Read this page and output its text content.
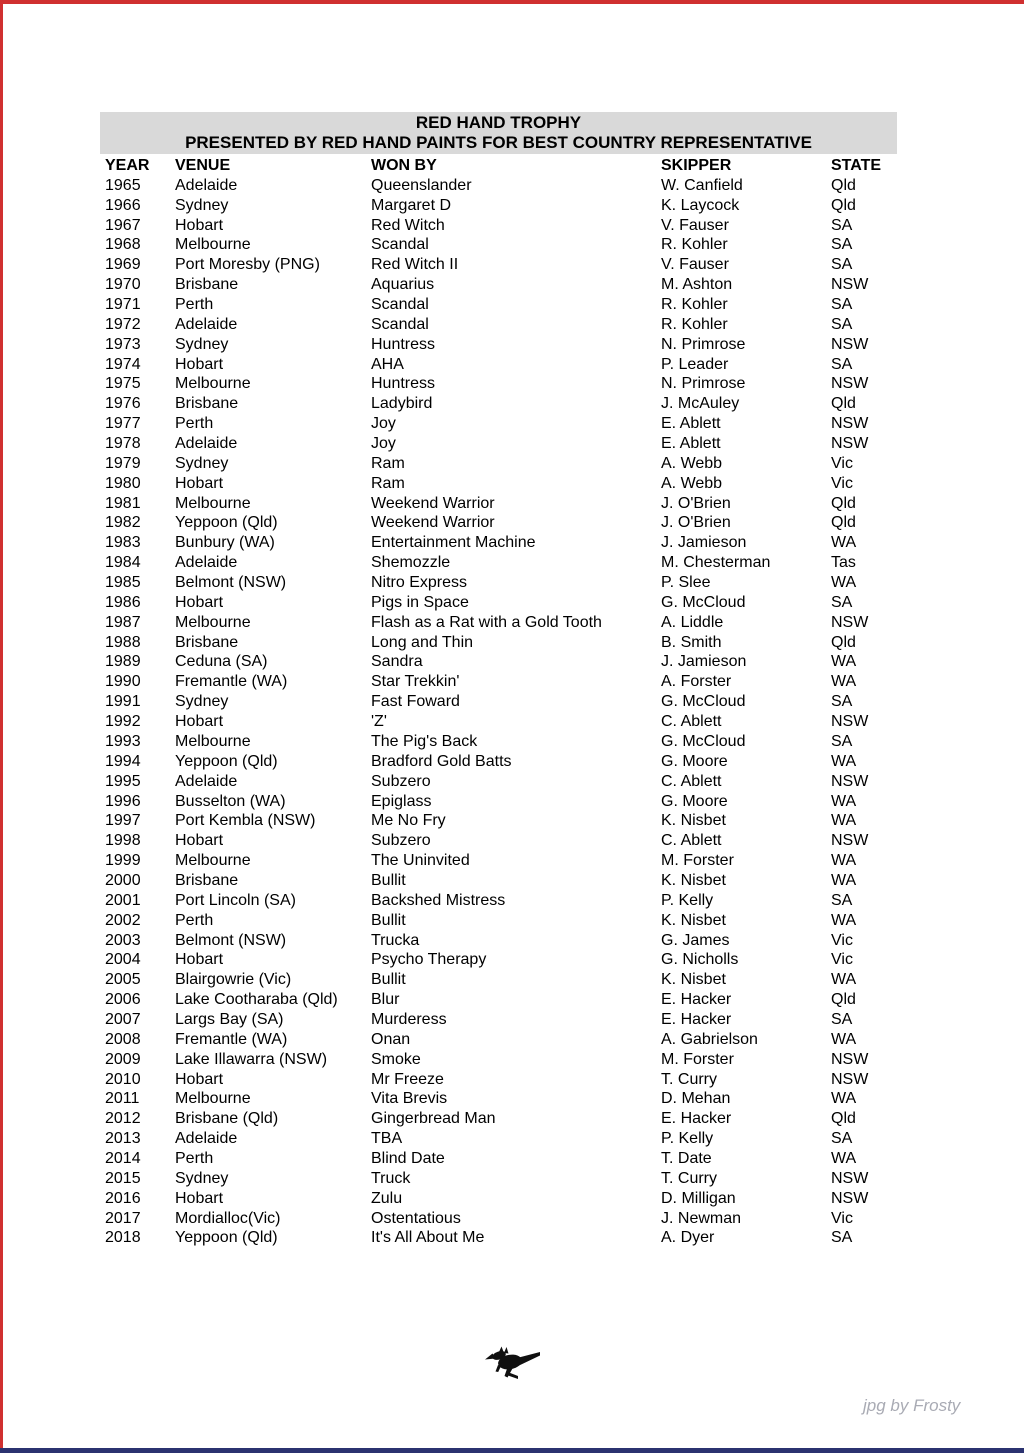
RED HAND TROPHY
PRESENTED BY RED HAND PAINTS FOR BEST COUNTRY REPRESENTATIVE
YEAR	VENUE	WON BY	SKIPPER	STATE
1965	Adelaide	Queenslander	W. Canfield	Qld
1966	Sydney	Margaret D	K. Laycock	Qld
1967	Hobart	Red Witch	V. Fauser	SA
1968	Melbourne	Scandal	R. Kohler	SA
1969	Port Moresby (PNG)	Red Witch II	V. Fauser	SA
1970	Brisbane	Aquarius	M. Ashton	NSW
1971	Perth	Scandal	R. Kohler	SA
1972	Adelaide	Scandal	R. Kohler	SA
1973	Sydney	Huntress	N. Primrose	NSW
1974	Hobart	AHA	P. Leader	SA
1975	Melbourne	Huntress	N. Primrose	NSW
1976	Brisbane	Ladybird	J. McAuley	Qld
1977	Perth	Joy	E. Ablett	NSW
1978	Adelaide	Joy	E. Ablett	NSW
1979	Sydney	Ram	A. Webb	Vic
1980	Hobart	Ram	A. Webb	Vic
1981	Melbourne	Weekend Warrior	J. O'Brien	Qld
1982	Yeppoon (Qld)	Weekend Warrior	J. O'Brien	Qld
1983	Bunbury (WA)	Entertainment Machine	J. Jamieson	WA
1984	Adelaide	Shemozzle	M. Chesterman	Tas
1985	Belmont (NSW)	Nitro Express	P. Slee	WA
1986	Hobart	Pigs in Space	G. McCloud	SA
1987	Melbourne	Flash as a Rat with a Gold Tooth	A. Liddle	NSW
1988	Brisbane	Long and Thin	B. Smith	Qld
1989	Ceduna (SA)	Sandra	J. Jamieson	WA
1990	Fremantle (WA)	Star Trekkin'	A. Forster	WA
1991	Sydney	Fast Foward	G. McCloud	SA
1992	Hobart	'Z'	C. Ablett	NSW
1993	Melbourne	The Pig's Back	G. McCloud	SA
1994	Yeppoon (Qld)	Bradford Gold Batts	G. Moore	WA
1995	Adelaide	Subzero	C. Ablett	NSW
1996	Busselton (WA)	Epiglass	G. Moore	WA
1997	Port Kembla (NSW)	Me No Fry	K. Nisbet	WA
1998	Hobart	Subzero	C. Ablett	NSW
1999	Melbourne	The Uninvited	M. Forster	WA
2000	Brisbane	Bullit	K. Nisbet	WA
2001	Port Lincoln (SA)	Backshed Mistress	P. Kelly	SA
2002	Perth	Bullit	K. Nisbet	WA
2003	Belmont (NSW)	Trucka	G. James	Vic
2004	Hobart	Psycho Therapy	G. Nicholls	Vic
2005	Blairgowrie (Vic)	Bullit	K. Nisbet	WA
2006	Lake Cootharaba (Qld)	Blur	E. Hacker	Qld
2007	Largs Bay (SA)	Murderess	E. Hacker	SA
2008	Fremantle (WA)	Onan	A. Gabrielson	WA
2009	Lake Illawarra (NSW)	Smoke	M. Forster	NSW
2010	Hobart	Mr Freeze	T. Curry	NSW
2011	Melbourne	Vita Brevis	D. Mehan	WA
2012	Brisbane (Qld)	Gingerbread Man	E. Hacker	Qld
2013	Adelaide	TBA	P. Kelly	SA
2014	Perth	Blind Date	T. Date	WA
2015	Sydney	Truck	T. Curry	NSW
2016	Hobart	Zulu	D. Milligan	NSW
2017	Mordialloc(Vic)	Ostentatious	J. Newman	Vic
2018	Yeppoon (Qld)	It's All About Me	A. Dyer	SA
jpg by Frosty
